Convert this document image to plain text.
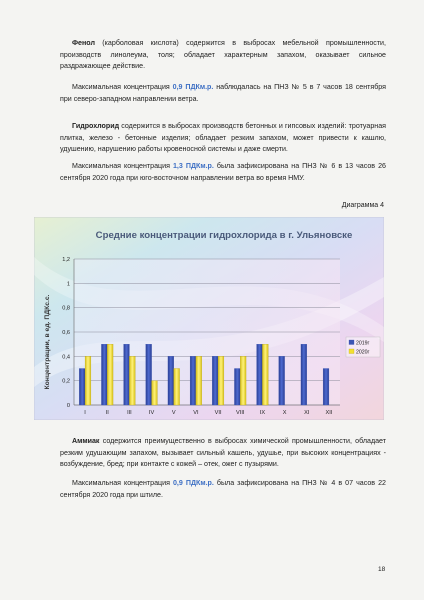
Фенол (карболовая кислота) содержится в выбросах мебельной промышленности, производств линолеума, толя; обладает характерным запахом, оказывает сильное раздражающее действие.

Максимальная концентрация 0,9 ПДКм.р. наблюдалась на ПНЗ № 5 в 7 часов 18 сентября при северо-западном направлении ветра.

Гидрохлорид содержится в выбросах производств бетонных и гипсовых изделий: тротуарная плитка, железо - бетонные изделия; обладает резким запахом, может привести к кашлю, удушению, нарушению работы кровеносной системы и даже смерти.

Максимальная концентрация 1,3 ПДКм.р. была зафиксирована на ПНЗ № 6 в 13 часов 26 сентября 2020 года при юго-восточном направлении ветра во время НМУ.

Диаграмма 4
Средние концентрации гидрохлорида в г. Ульяновске
Концентрации, в ед. ПДКс.с.
0
0,2
0,4
0,6
0,8
1
1,2
I	II	III	IV	V	VI	VII	VIII	IX	X	XI	XII
2019г
2020г

Аммиак содержится преимущественно в выбросах химической промышленности, обладает резким удушающим запахом, вызывает сильный кашель, удушье, при высоких концентрациях - возбуждение, бред; при контакте с кожей – отек, ожег с пузырями.

Максимальная концентрация 0,9 ПДКм.р. была зафиксирована на ПНЗ № 4 в 07 часов 22 сентября 2020 года при штиле.

18
